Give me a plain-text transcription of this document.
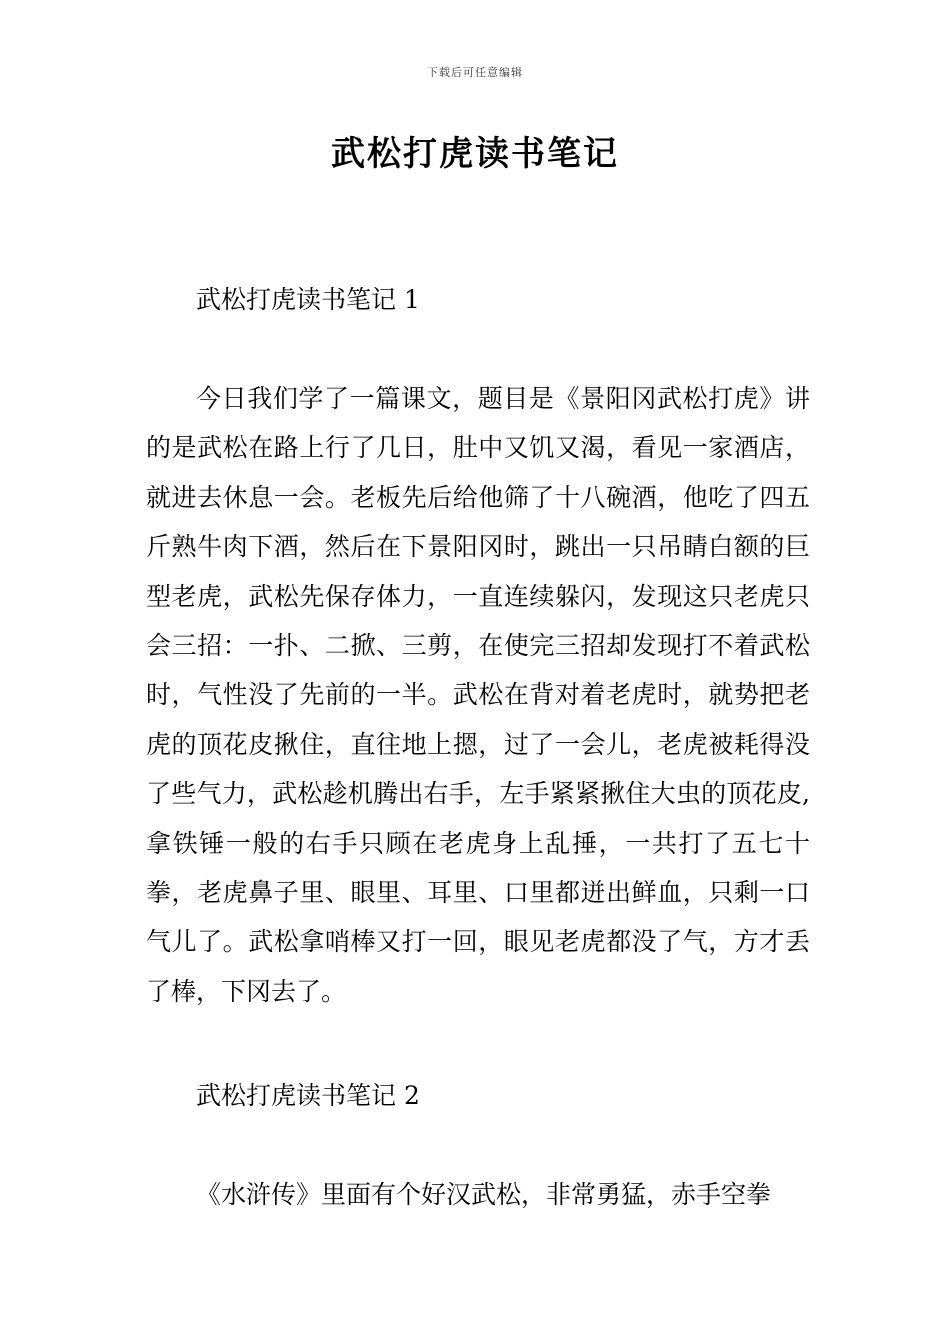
下载后可任意编辑
武松打虎读书笔记
武松打虎读书笔记 1

今日我们学了一篇课文，题目是《景阳冈武松打虎》讲的是武松在路上行了几日，肚中又饥又渴，看见一家酒店，就进去休息一会。老板先后给他筛了十八碗酒，他吃了四五斤熟牛肉下酒，然后在下景阳冈时，跳出一只吊睛白额的巨型老虎，武松先保存体力，一直连续躲闪，发现这只老虎只会三招：一扑、二掀、三剪，在使完三招却发现打不着武松时，气性没了先前的一半。武松在背对着老虎时，就势把老虎的顶花皮揪住，直往地上摁，过了一会儿，老虎被耗得没了些气力，武松趁机腾出右手，左手紧紧揪住大虫的顶花皮,拿铁锤一般的右手只顾在老虎身上乱捶，一共打了五七十拳，老虎鼻子里、眼里、耳里、口里都迸出鲜血，只剩一口气儿了。武松拿哨棒又打一回，眼见老虎都没了气，方才丢了棒，下冈去了。

武松打虎读书笔记 2

《水浒传》里面有个好汉武松，非常勇猛，赤手空拳
